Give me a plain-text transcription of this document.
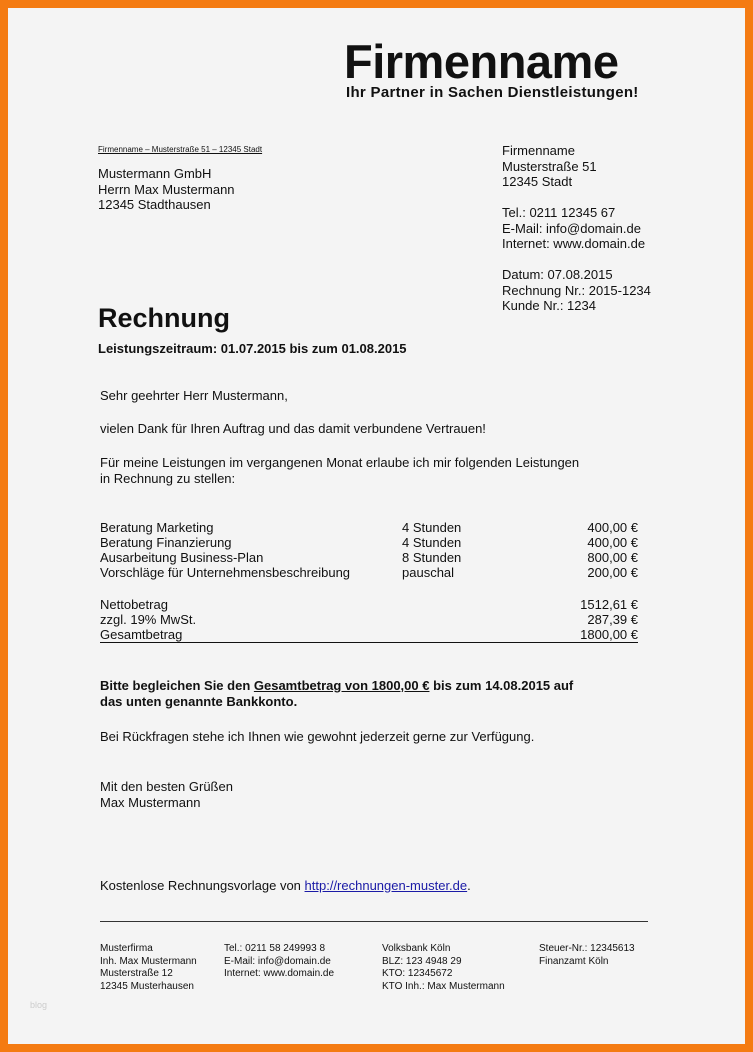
Firmenname
Ihr Partner in Sachen Dienstleistungen!
Firmenname – Musterstraße 51 – 12345 Stadt
Mustermann GmbH
Herrn Max Mustermann
12345 Stadthausen
Firmenname
Musterstraße 51
12345 Stadt
Tel.: 0211 12345 67
E-Mail: info@domain.de
Internet: www.domain.de
Datum: 07.08.2015
Rechnung Nr.: 2015-1234
Kunde Nr.: 1234
Rechnung
Leistungszeitraum: 01.07.2015 bis zum 01.08.2015
Sehr geehrter Herr Mustermann,
vielen Dank für Ihren Auftrag und das damit verbundene Vertrauen!
Für meine Leistungen im vergangenen Monat erlaube ich mir folgenden Leistungen
in Rechnung zu stellen:
Beratung Marketing	4 Stunden	400,00 €
Beratung Finanzierung	4 Stunden	400,00 €
Ausarbeitung Business-Plan	8 Stunden	800,00 €
Vorschläge für Unternehmensbeschreibung	pauschal	200,00 €
Nettobetrag	1512,61 €
zzgl. 19% MwSt.	287,39 €
Gesamtbetrag	1800,00 €
Bitte begleichen Sie den Gesamtbetrag von 1800,00 € bis zum 14.08.2015 auf
das unten genannte Bankkonto.
Bei Rückfragen stehe ich Ihnen wie gewohnt jederzeit gerne zur Verfügung.
Mit den besten Grüßen
Max Mustermann
Kostenlose Rechnungsvorlage von http://rechnungen-muster.de.
Musterfirma
Inh. Max Mustermann
Musterstraße 12
12345 Musterhausen
Tel.: 0211 58 249993 8
E-Mail: info@domain.de
Internet: www.domain.de
Volksbank Köln
BLZ: 123 4948 29
KTO: 12345672
KTO Inh.: Max Mustermann
Steuer-Nr.: 12345613
Finanzamt Köln
blog
